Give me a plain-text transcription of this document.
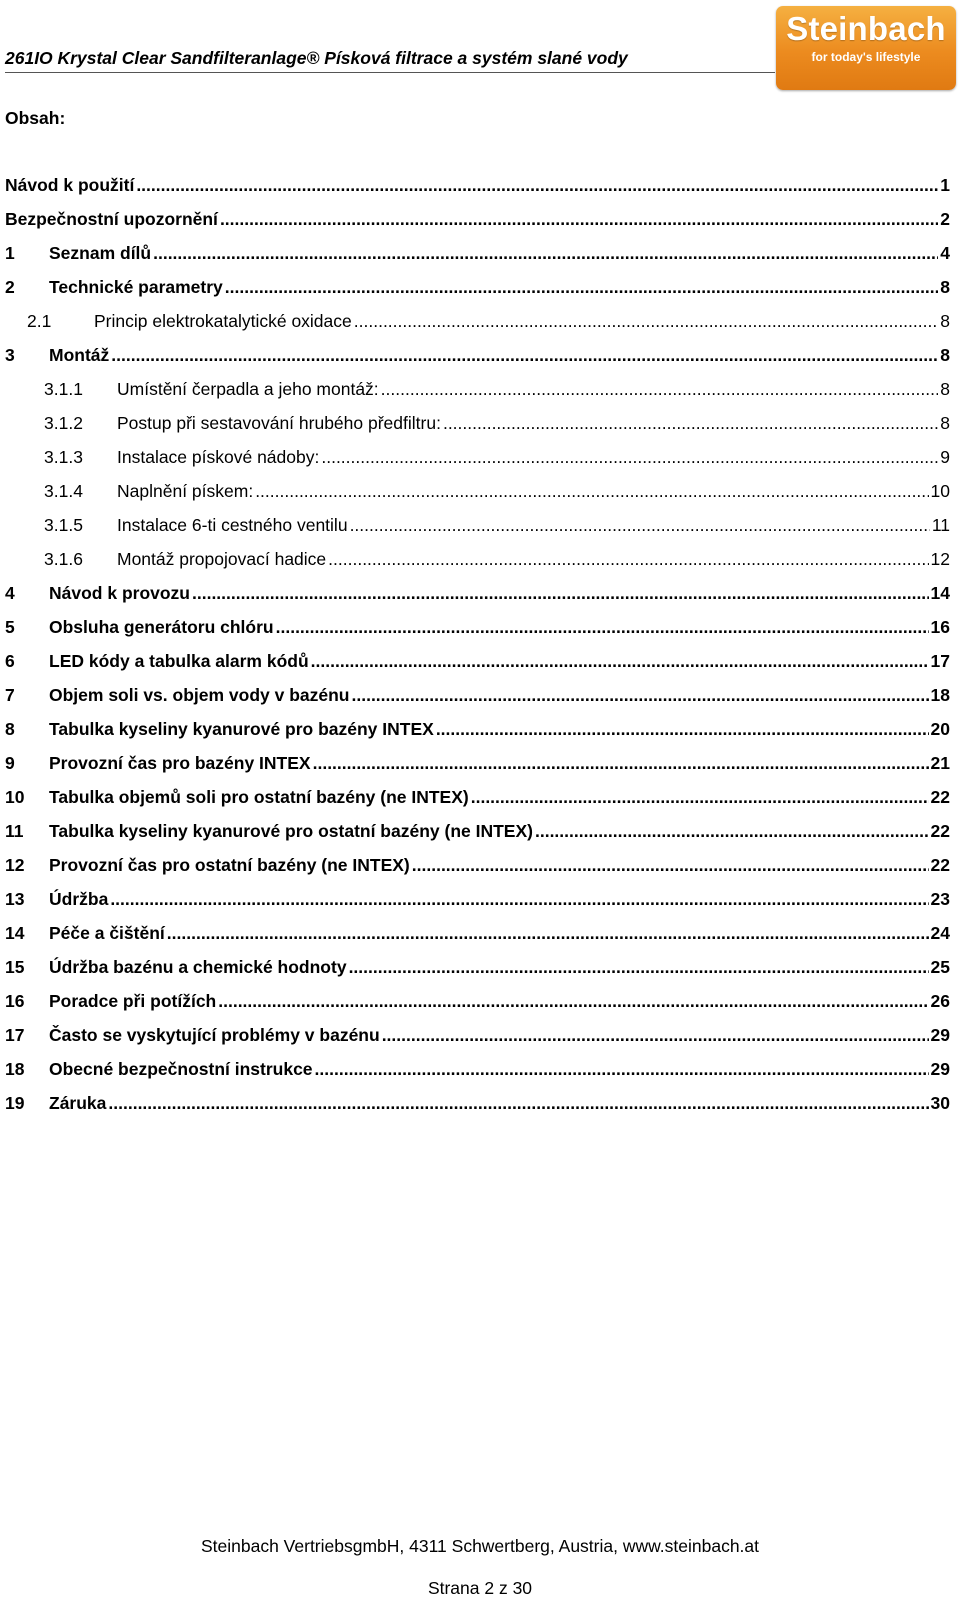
261IO Krystal Clear Sandfilteranlage® Písková filtrace a systém slané vody
Steinbach
for today's lifestyle
Obsah:
Návod k použití .....	1
Bezpečnostní upozornění .....	2
1	Seznam dílů .....	4
2	Technické parametry .....	8
2.1	Princip elektrokatalytické oxidace .....	8
3	Montáž .....	8
3.1.1	Umístění čerpadla a jeho montáž: .....	8
3.1.2	Postup při sestavování hrubého předfiltru: .....	8
3.1.3	Instalace pískové nádoby: .....	9
3.1.4	Naplnění pískem: .....	10
3.1.5	Instalace 6-ti cestného ventilu .....	11
3.1.6	Montáž propojovací hadice .....	12
4	Návod k provozu .....	14
5	Obsluha generátoru chlóru .....	16
6	LED kódy a tabulka alarm kódů .....	17
7	Objem soli vs. objem vody v bazénu .....	18
8	Tabulka kyseliny kyanurové pro bazény INTEX .....	20
9	Provozní čas pro bazény INTEX .....	21
10	Tabulka objemů soli pro ostatní bazény (ne INTEX) .....	22
11	Tabulka kyseliny kyanurové pro ostatní bazény (ne INTEX) .....	22
12	Provozní čas pro ostatní bazény (ne INTEX) .....	22
13	Údržba .....	23
14	Péče a čištění .....	24
15	Údržba bazénu a chemické hodnoty .....	25
16	Poradce při potížích .....	26
17	Často se vyskytující problémy v bazénu .....	29
18	Obecné bezpečnostní instrukce .....	29
19	Záruka .....	30
Steinbach VertriebsgmbH, 4311 Schwertberg, Austria, www.steinbach.at
Strana 2 z 30
